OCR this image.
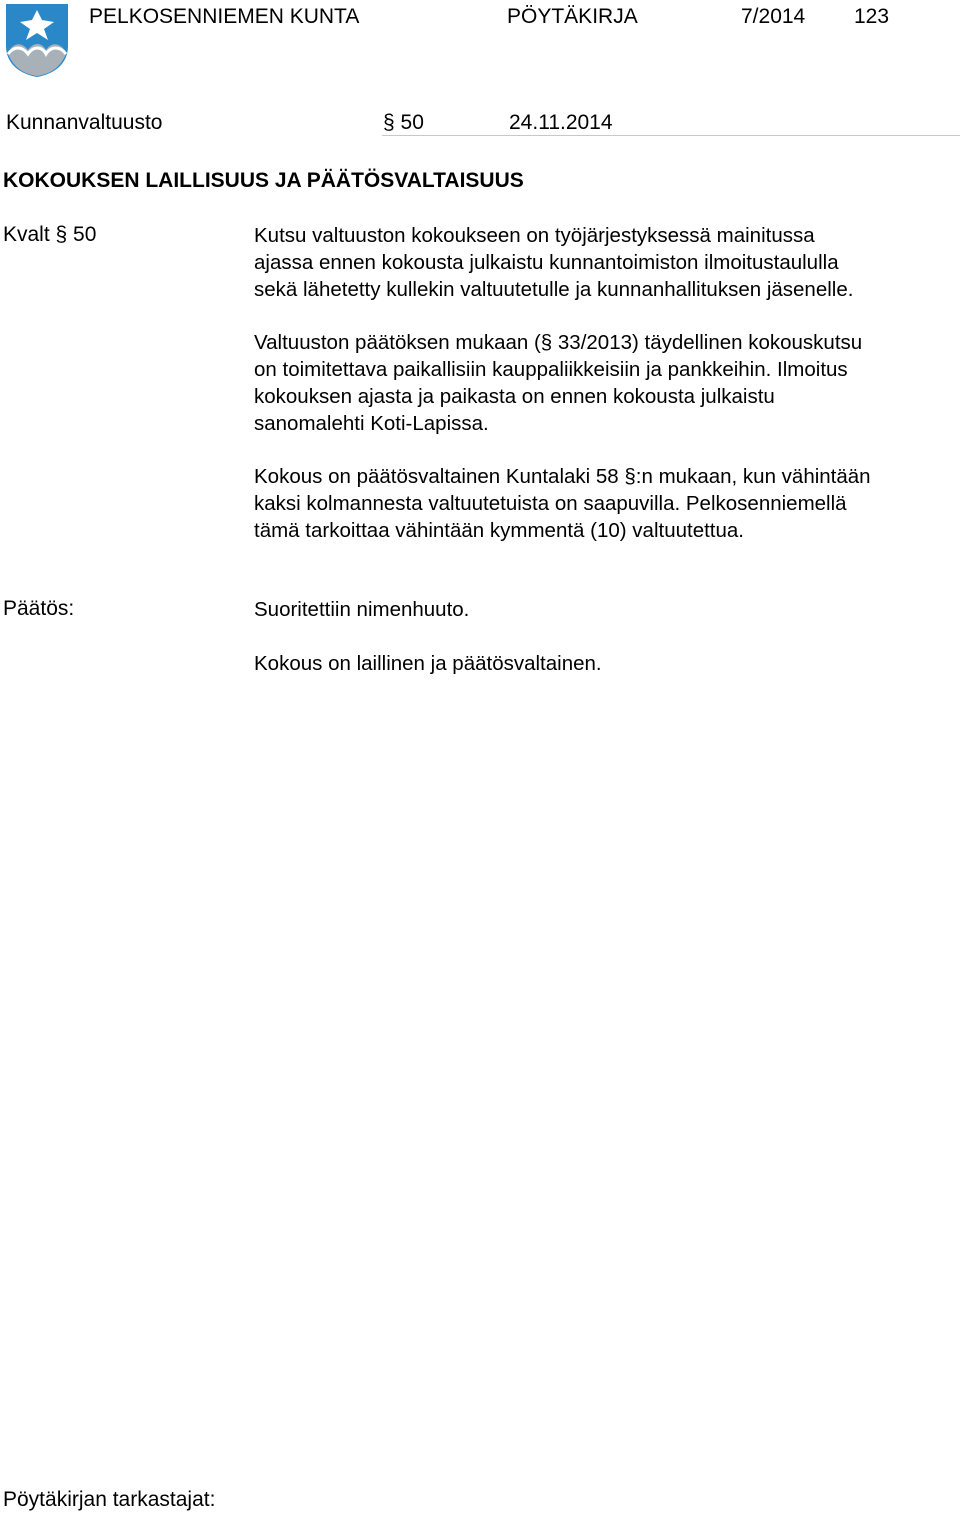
PELKOSENNIEMEN KUNTA	PÖYTÄKIRJA	7/2014 123
Kunnanvaltuusto	§ 50	24.11.2014
KOKOUKSEN LAILLISUUS JA PÄÄTÖSVALTAISUUS
Kvalt § 50	Kutsu valtuuston kokoukseen on työjärjestyksessä mainitussa

ajassa ennen kokousta julkaistu kunnantoimiston ilmoitustaululla

sekä lähetetty kullekin valtuutetulle ja kunnanhallituksen jäsenelle.

Valtuuston päätöksen mukaan (§ 33/2013) täydellinen kokouskutsu

on toimitettava paikallisiin kauppaliikkeisiin ja pankkeihin. Ilmoitus

kokouksen ajasta ja paikasta on ennen kokousta julkaistu

sanomalehti Koti-Lapissa.

Kokous on päätösvaltainen Kuntalaki 58 §:n mukaan, kun vähintään

kaksi kolmannesta valtuutetuista on saapuvilla. Pelkosenniemellä

tämä tarkoittaa vähintään kymmentä (10) valtuutettua.

Päätös:	Suoritettiin nimenhuuto.

Kokous on laillinen ja päätösvaltainen.

Pöytäkirjan tarkastajat:
